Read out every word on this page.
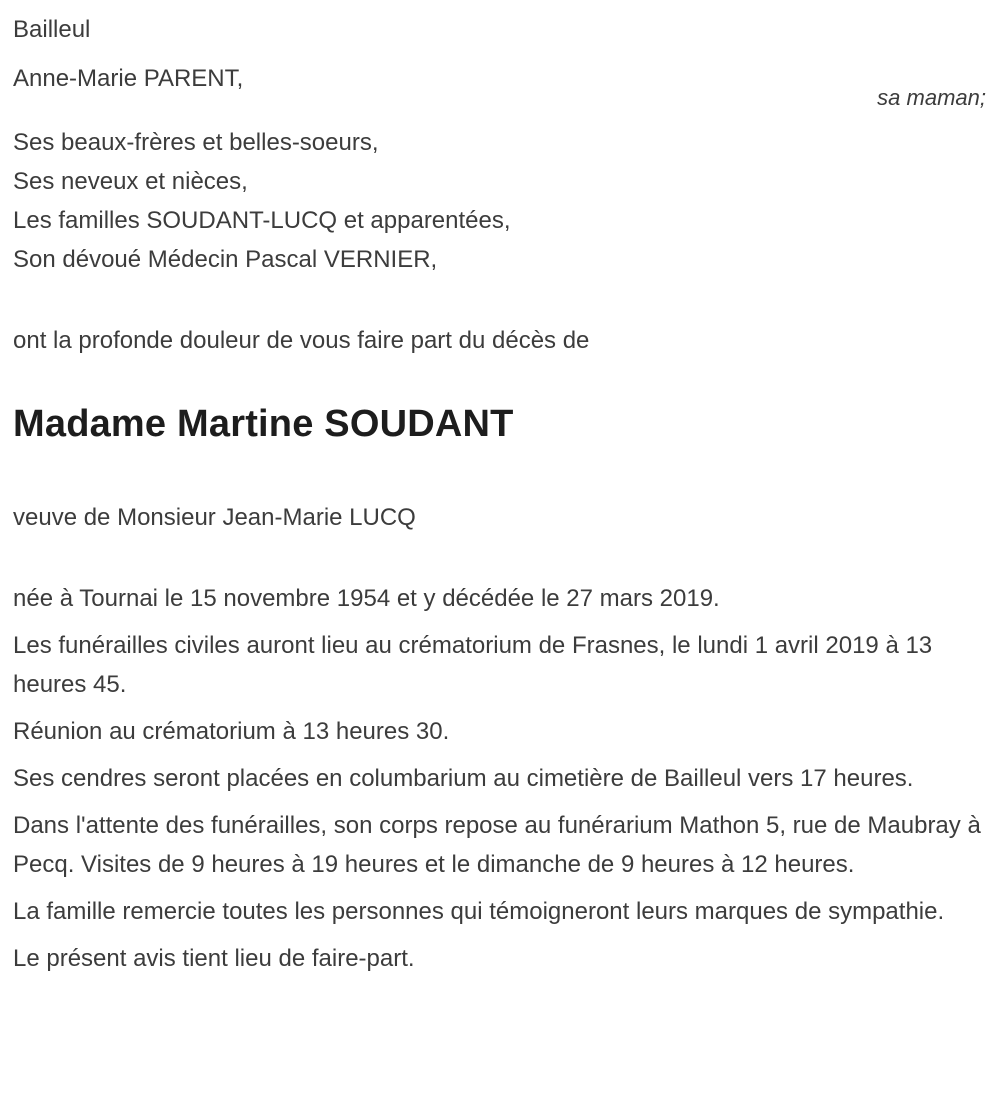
Bailleul

Anne-Marie PARENT,
sa maman;

Ses beaux-frères et belles-soeurs,

Ses neveux et nièces,

Les familles SOUDANT-LUCQ et apparentées,

Son dévoué Médecin Pascal VERNIER,

ont la profonde douleur de vous faire part du décès de

Madame Martine SOUDANT

veuve de Monsieur Jean-Marie LUCQ

née à Tournai le 15 novembre 1954 et y décédée le 27 mars 2019.

Les funérailles civiles auront lieu au crématorium de Frasnes, le lundi 1 avril 2019 à 13 heures 45.

Réunion au crématorium à 13 heures 30.

Ses cendres seront placées en columbarium au cimetière de Bailleul vers 17 heures.

Dans l'attente des funérailles, son corps repose au funérarium Mathon 5, rue de Maubray à Pecq. Visites de 9 heures à 19 heures et le dimanche de 9 heures à 12 heures.

La famille remercie toutes les personnes qui témoigneront leurs marques de sympathie.

Le présent avis tient lieu de faire-part.
